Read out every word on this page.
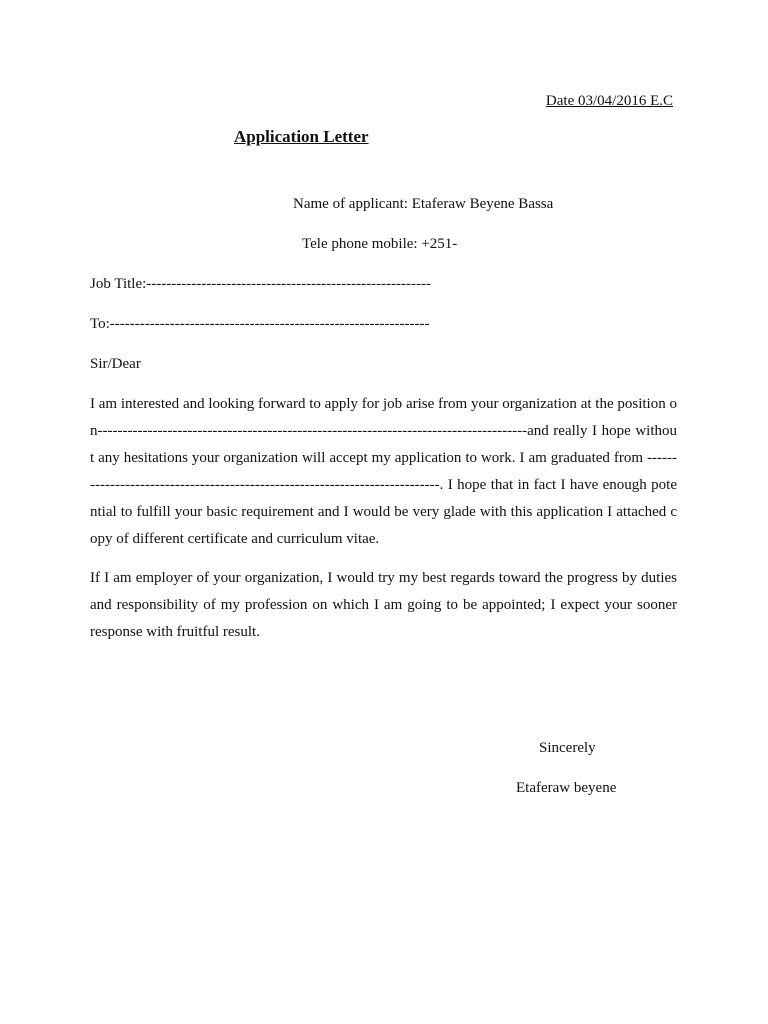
Date 03/04/2016 E.C
Application Letter
Name of applicant: Etaferaw Beyene Bassa
Tele phone mobile: +251-
Job Title:---------------------------------------------------------
To:----------------------------------------------------------------
Sir/Dear

I am interested and looking forward to apply for job arise from your organization at the position on--------------------------------------------------------------------------------------and really I hope without any hesitations your organization will accept my application to work. I am graduated from ----------------------------------------------------------------------------. I hope that in fact I have enough potential to fulfill your basic requirement and I would be very glade with this application I attached copy of different certificate and curriculum vitae.

If I am employer of your organization, I would try my best regards toward the progress by duties and responsibility of my profession on which I am going to be appointed; I expect your sooner response with fruitful result.

Sincerely
Etaferaw beyene
